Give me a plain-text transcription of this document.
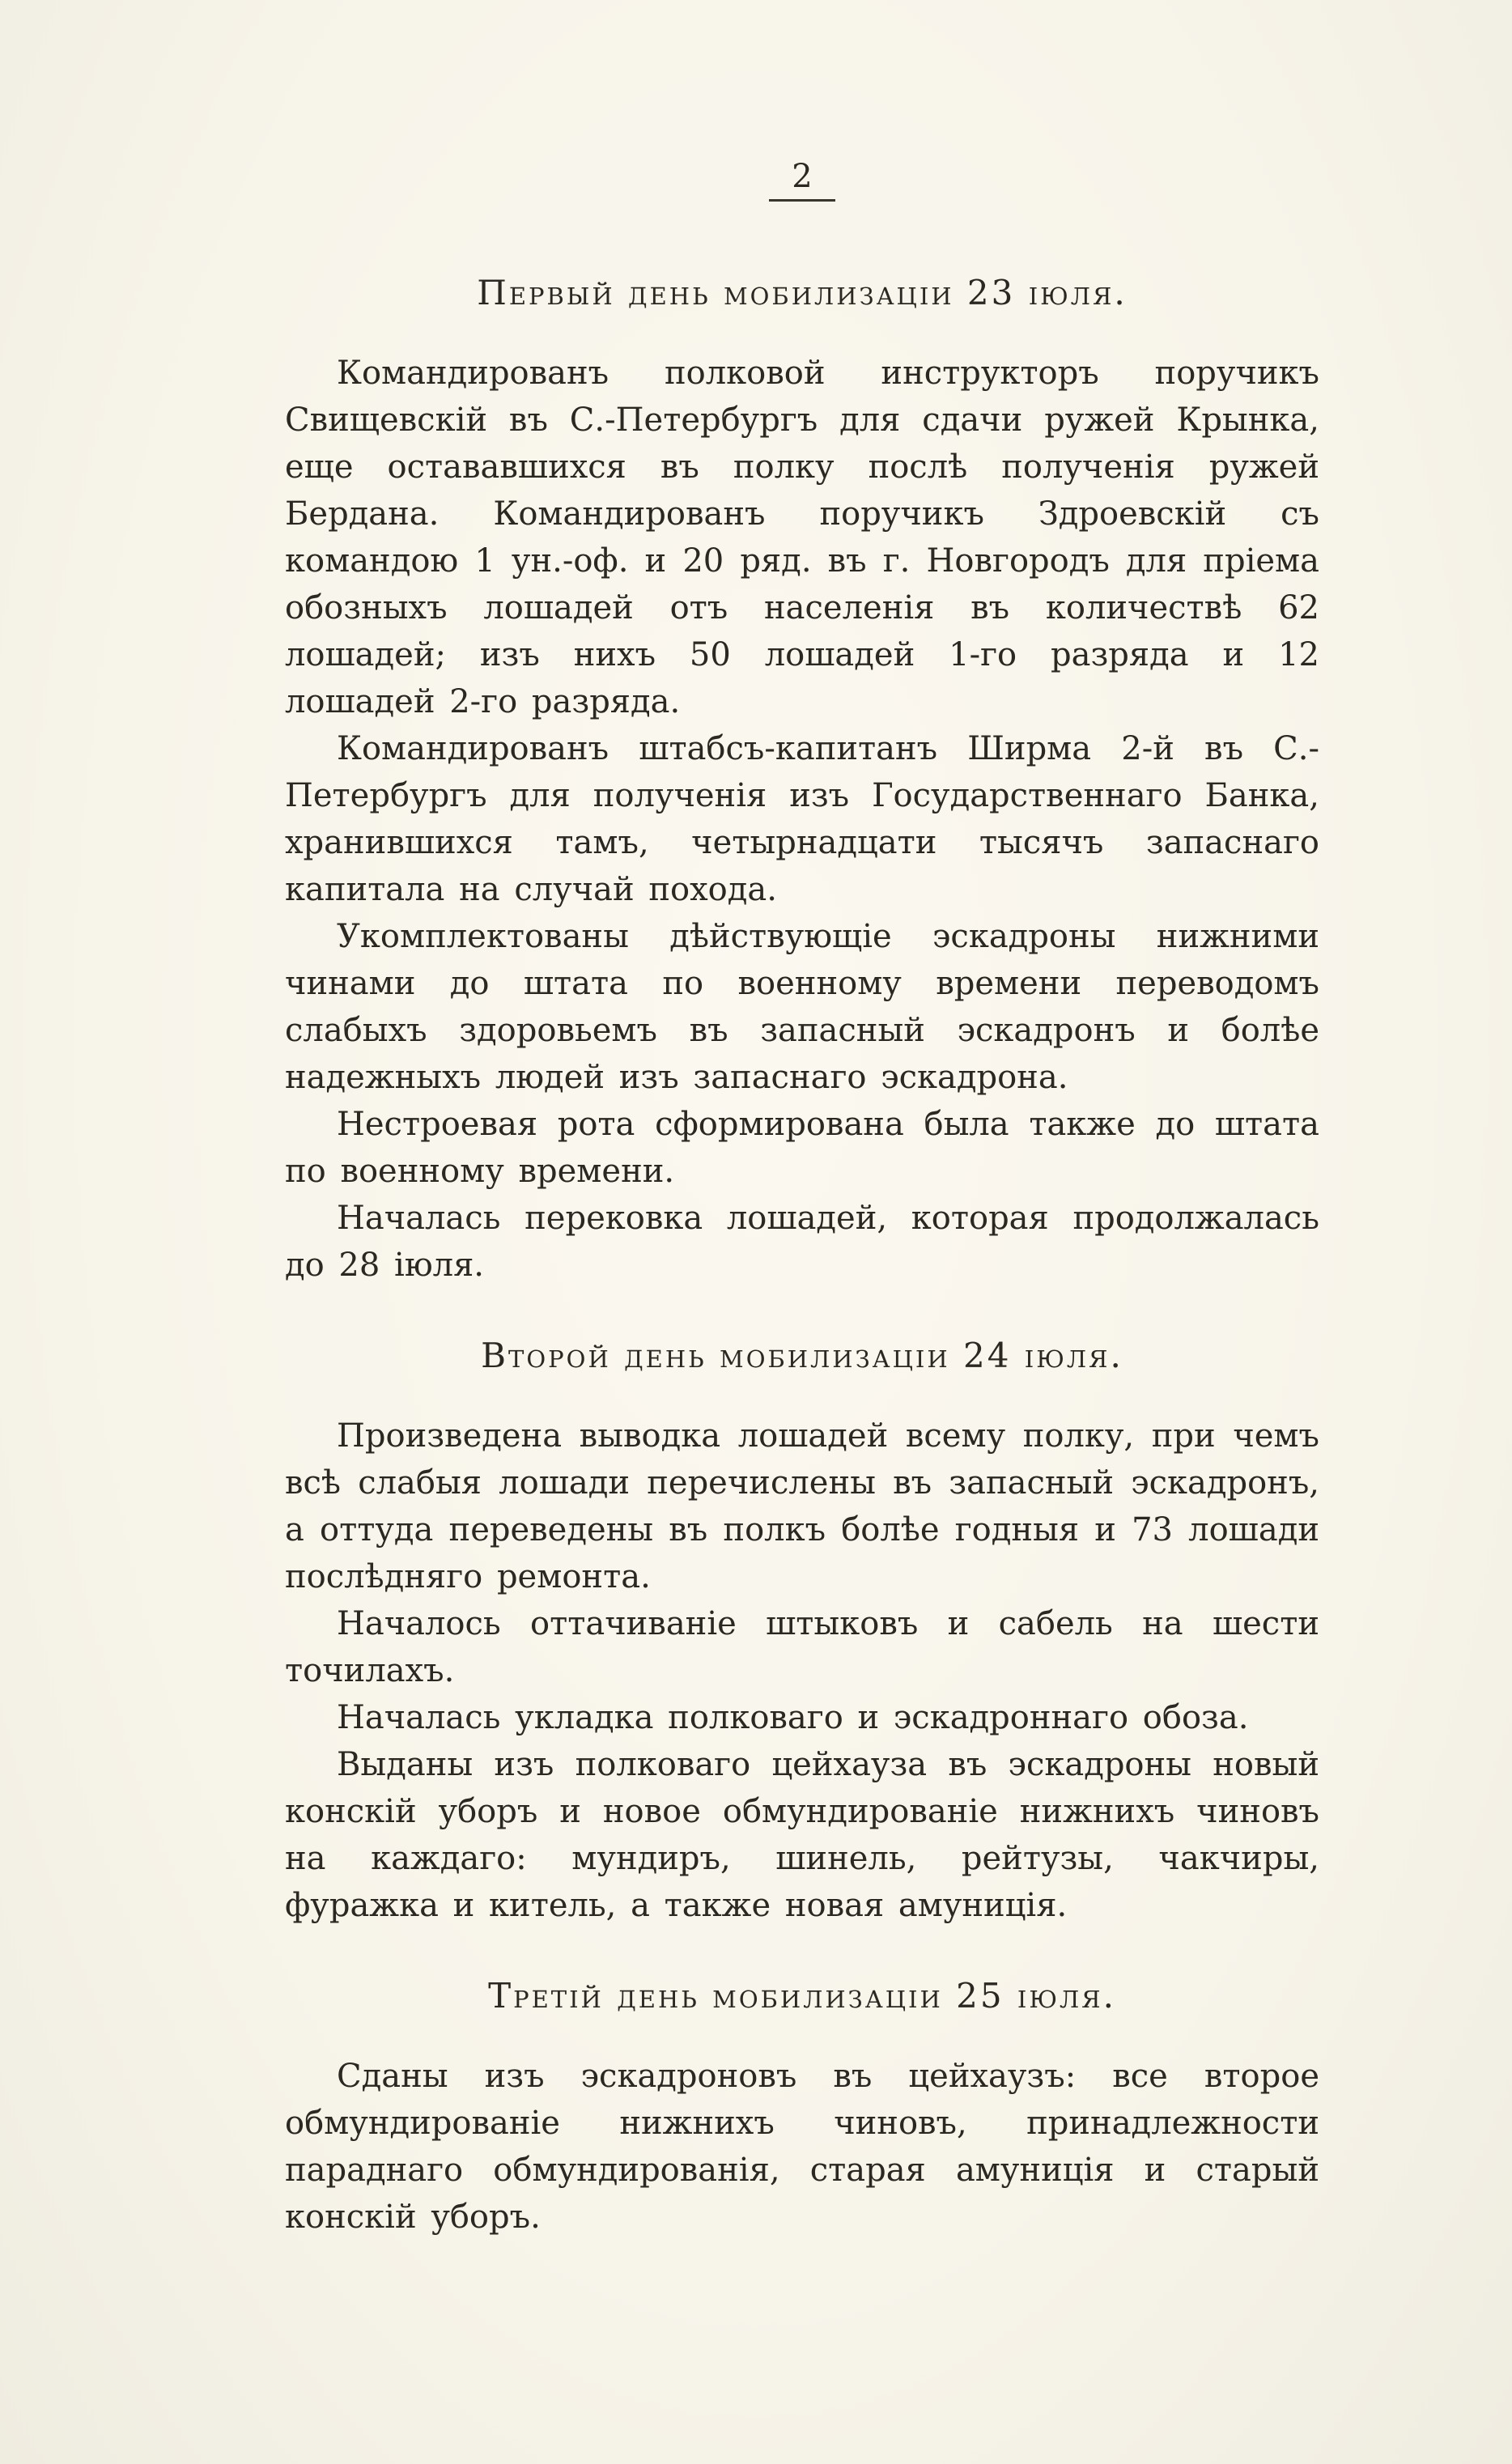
2
Первый день мобилизаціи 23 іюля.

Командированъ полковой инструкторъ поручикъ Свищевскій въ С.-Петербургъ для сдачи ружей Крынка, еще остававшихся въ полку послѣ полученія ружей Бердана. Командированъ поручикъ Здроевскій съ командою 1 ун.-оф. и 20 ряд. въ г. Новгородъ для пріема обозныхъ лошадей отъ населенія въ количествѣ 62 лошадей; изъ нихъ 50 лошадей 1-го разряда и 12 лошадей 2-го разряда.

Командированъ штабсъ-капитанъ Ширма 2-й въ С.-Петербургъ для полученія изъ Государственнаго Банка, хранившихся тамъ, четырнадцати тысячъ запаснаго капитала на случай похода.

Укомплектованы дѣйствующіе эскадроны нижними чинами до штата по военному времени переводомъ слабыхъ здоровьемъ въ запасный эскадронъ и болѣе надежныхъ людей изъ запаснаго эскадрона.

Нестроевая рота сформирована была также до штата по военному времени.

Началась перековка лошадей, которая продолжалась до 28 іюля.

Второй день мобилизаціи 24 іюля.

Произведена выводка лошадей всему полку, при чемъ всѣ слабыя лошади перечислены въ запасный эскадронъ, а оттуда переведены въ полкъ болѣе годныя и 73 лошади послѣдняго ремонта.

Началось оттачиваніе штыковъ и сабель на шести точилахъ.

Началась укладка полковаго и эскадроннаго обоза.

Выданы изъ полковаго цейхауза въ эскадроны новый конскій уборъ и новое обмундированіе нижнихъ чиновъ на каждаго: мундиръ, шинель, рейтузы, чакчиры, фуражка и китель, а также новая амуниція.

Третій день мобилизаціи 25 іюля.

Сданы изъ эскадроновъ въ цейхаузъ: все второе обмундированіе нижнихъ чиновъ, принадлежности параднаго обмундированія, старая амуниція и старый конскій уборъ.
